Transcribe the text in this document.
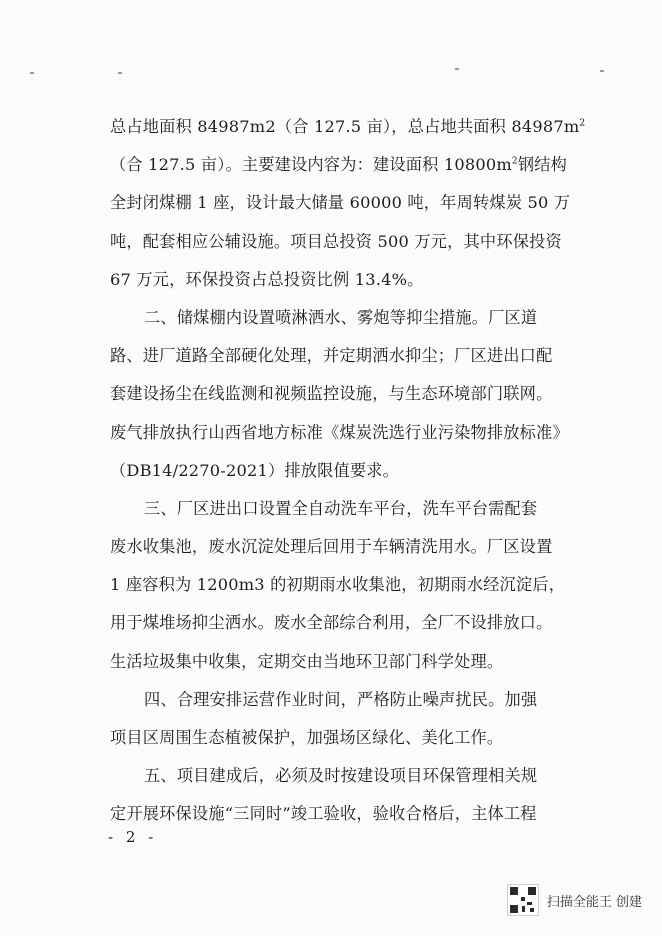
总占地面积 84987m2（合 127.5 亩），总占地共面积 $84987m^2$
（合 127.5 亩）。主要建设内容为：建设面积 $10800m^2$钢结构
全封闭煤棚 1 座，设计最大储量 60000 吨，年周转煤炭 50 万
吨，配套相应公辅设施。项目总投资 500 万元，其中环保投资
67 万元，环保投资占总投资比例 13.4%。
二、储煤棚内设置喷淋洒水、雾炮等抑尘措施。厂区道
路、进厂道路全部硬化处理，并定期洒水抑尘；厂区进出口配
套建设扬尘在线监测和视频监控设施，与生态环境部门联网。
废气排放执行山西省地方标准《煤炭洗选行业污染物排放标准》
（DB14/2270-2021）排放限值要求。
三、厂区进出口设置全自动洗车平台，洗车平台需配套
废水收集池，废水沉淀处理后回用于车辆清洗用水。厂区设置
1 座容积为 1200m3 的初期雨水收集池，初期雨水经沉淀后，
用于煤堆场抑尘洒水。废水全部综合利用，全厂不设排放口。
生活垃圾集中收集，定期交由当地环卫部门科学处理。
四、合理安排运营作业时间，严格防止噪声扰民。加强
项目区周围生态植被保护，加强场区绿化、美化工作。
五、项目建成后，必须及时按建设项目环保管理相关规
定开展环保设施“三同时”竣工验收，验收合格后，主体工程
- 2 -
扫描全能王 创建
